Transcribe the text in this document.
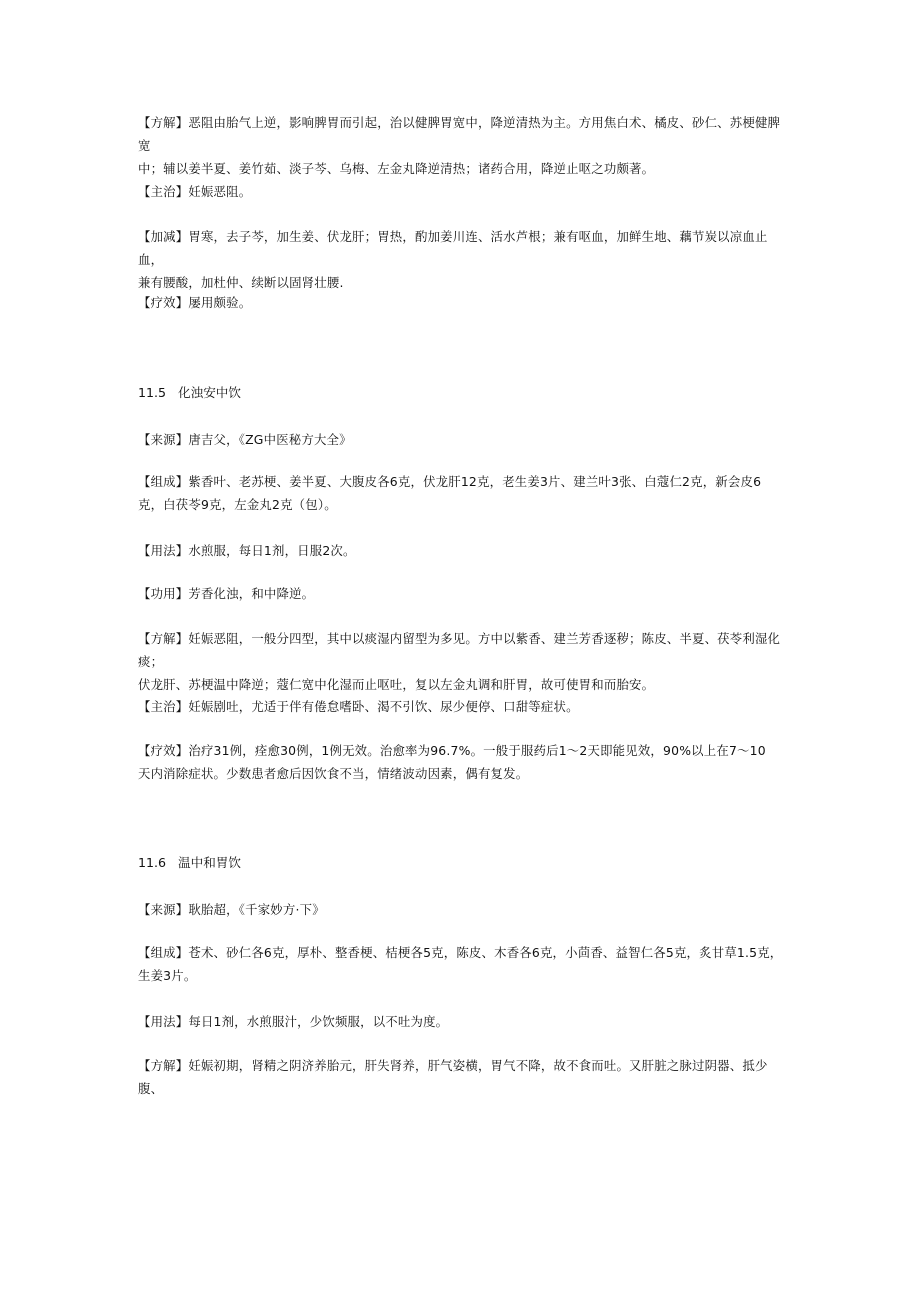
【方解】恶阻由胎气上逆，影响脾胃而引起，治以健脾胃宽中，降逆清热为主。方用焦白术、橘皮、砂仁、苏梗健脾宽
中；辅以姜半夏、姜竹茹、淡子芩、乌梅、左金丸降逆清热；诸药合用，降逆止呕之功颇著。
【主治】妊娠恶阻。
【加减】胃寒，去子芩，加生姜、伏龙肝；胃热，酌加姜川连、活水芦根；兼有呕血，加鲜生地、藕节炭以凉血止血，
兼有腰酸，加杜仲、续断以固肾壮腰.
【疗效】屡用颇验。
11.5 化浊安中饮
【来源】唐吉父，《ZG中医秘方大全》
【组成】紫香叶、老苏梗、姜半夏、大腹皮各6克，伏龙肝12克，老生姜3片、建兰叶3张、白蔻仁2克，新会皮6
克，白茯苓9克，左金丸2克（包）。
【用法】水煎服，每日1剂，日服2次。
【功用】芳香化浊，和中降逆。
【方解】妊娠恶阻，一般分四型，其中以痰湿内留型为多见。方中以紫香、建兰芳香逐秽；陈皮、半夏、茯苓利湿化痰；
伏龙肝、苏梗温中降逆；蔻仁宽中化湿而止呕吐，复以左金丸调和肝胃，故可使胃和而胎安。
【主治】妊娠剧吐，尤适于伴有倦怠嗜卧、渴不引饮、尿少便停、口甜等症状。
【疗效】治疗31例，痊愈30例，1例无效。治愈率为96.7%。一般于服药后1～2天即能见效，90%以上在7～10
天内消除症状。少数患者愈后因饮食不当，情绪波动因素，偶有复发。
11.6 温中和胃饮
【来源】耿胎超，《千家妙方·下》
【组成】苍术、砂仁各6克，厚朴、整香梗、桔梗各5克，陈皮、木香各6克，小茴香、益智仁各5克，炙甘草1.5克，
生姜3片。
【用法】每日1剂，水煎服汁，少饮频服，以不吐为度。
【方解】妊娠初期，肾精之阴济养胎元，肝失肾养，肝气姿横，胃气不降，故不食而吐。又肝脏之脉过阴器、抵少腹、
